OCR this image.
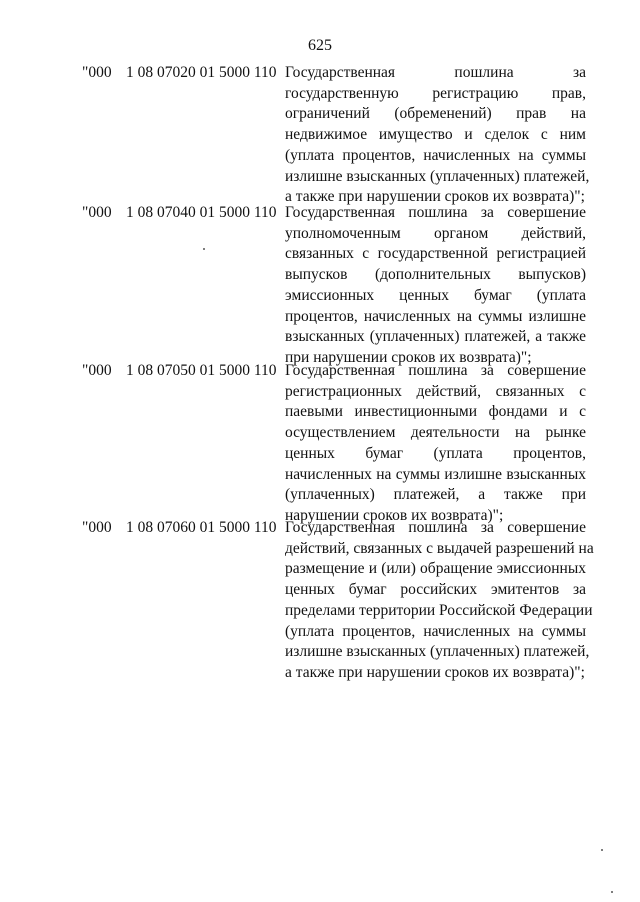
625
"000 1 08 07020 01 5000 110 Государственная пошлина за
государственную регистрацию прав,
ограничений (обременений) прав на
недвижимое имущество и сделок с ним
(уплата процентов, начисленных на суммы
излишне взысканных (уплаченных) платежей,
а также при нарушении сроков их возврата)";
"000 1 08 07040 01 5000 110 Государственная пошлина за совершение
уполномоченным органом действий,
связанных с государственной регистрацией
выпусков (дополнительных выпусков)
эмиссионных ценных бумаг (уплата
процентов, начисленных на суммы излишне
взысканных (уплаченных) платежей, а также
при нарушении сроков их возврата)";
"000 1 08 07050 01 5000 110 Государственная пошлина за совершение
регистрационных действий, связанных с
паевыми инвестиционными фондами и с
осуществлением деятельности на рынке
ценных бумаг (уплата процентов,
начисленных на суммы излишне взысканных
(уплаченных) платежей, а также при
нарушении сроков их возврата)";
"000 1 08 07060 01 5000 110 Государственная пошлина за совершение
действий, связанных с выдачей разрешений на
размещение и (или) обращение эмиссионных
ценных бумаг российских эмитентов за
пределами территории Российской Федерации
(уплата процентов, начисленных на суммы
излишне взысканных (уплаченных) платежей,
а также при нарушении сроков их возврата)";
